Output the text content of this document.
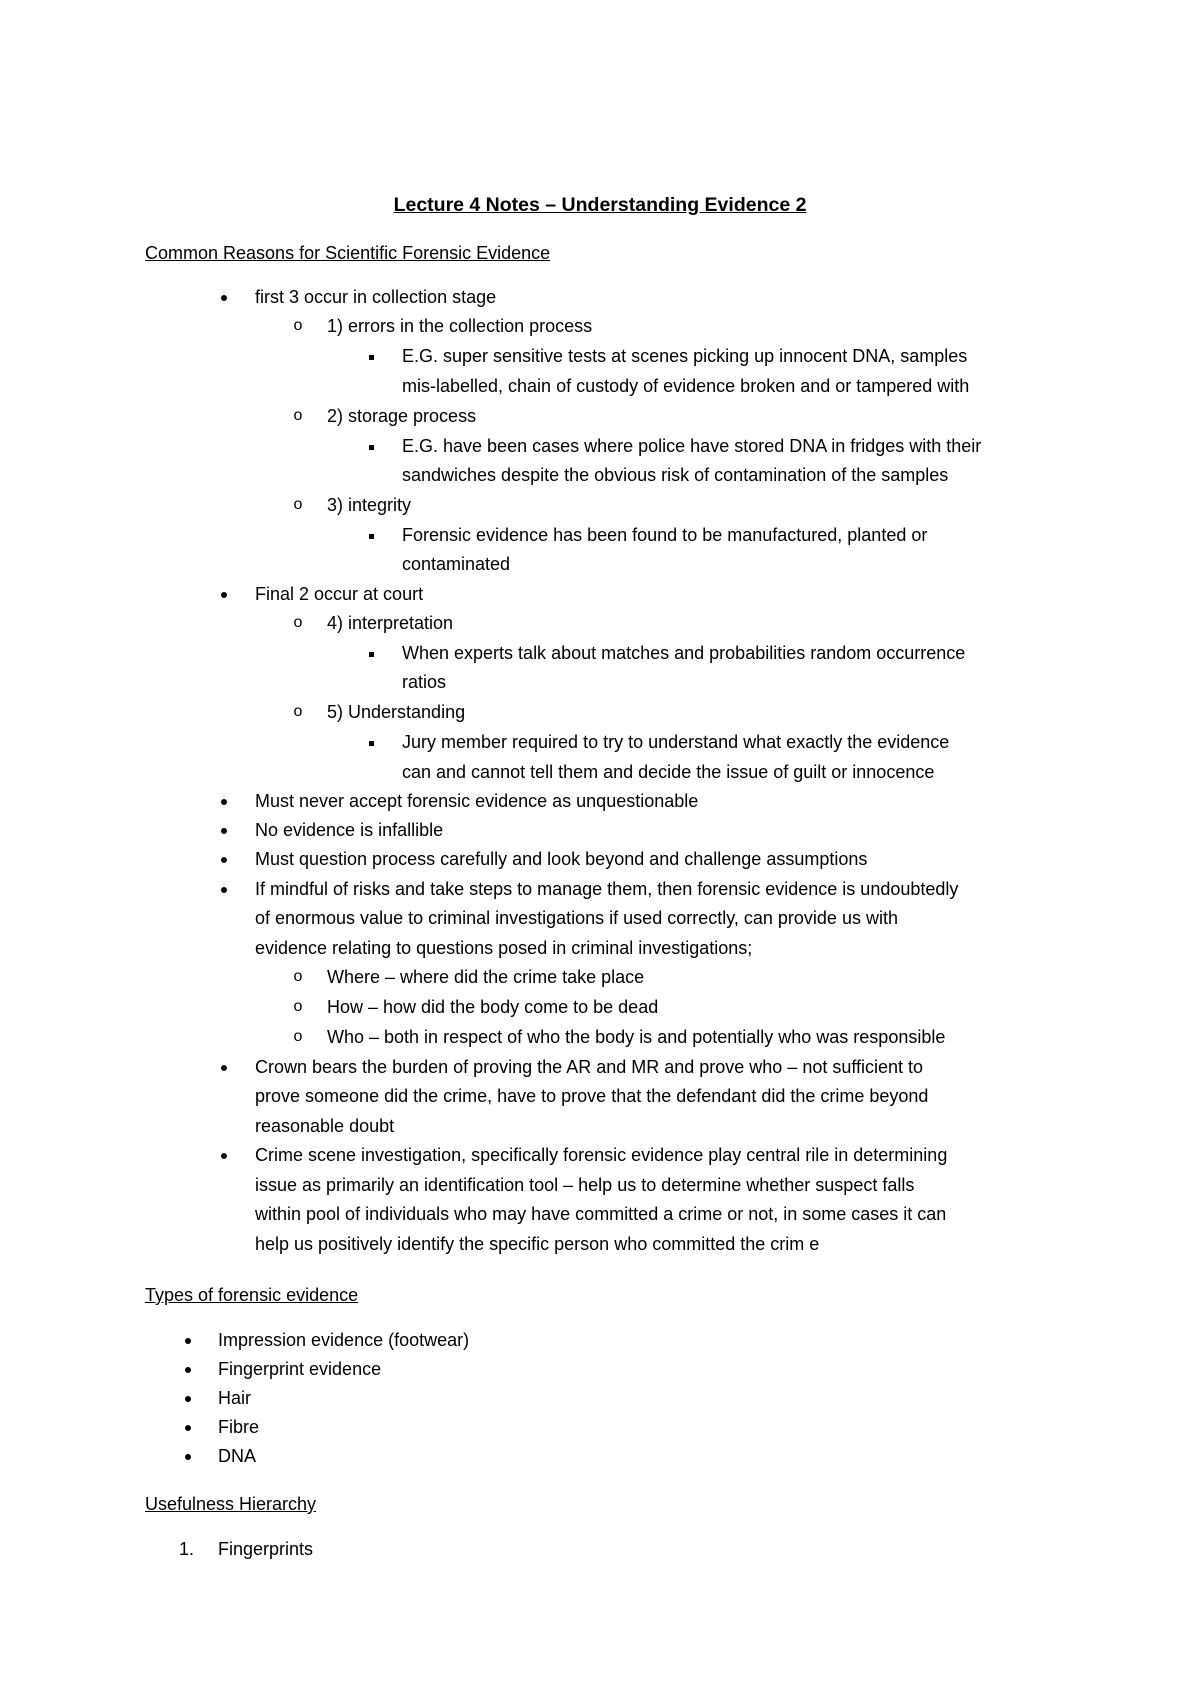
Lecture 4 Notes – Understanding Evidence 2
Common Reasons for Scientific Forensic Evidence
first 3 occur in collection stage
o 1) errors in the collection process
E.G. super sensitive tests at scenes picking up innocent DNA, samples
mis-labelled, chain of custody of evidence broken and or tampered with
o 2) storage process
E.G. have been cases where police have stored DNA in fridges with their
sandwiches despite the obvious risk of contamination of the samples
o 3) integrity
Forensic evidence has been found to be manufactured, planted or
contaminated
Final 2 occur at court
o 4) interpretation
When experts talk about matches and probabilities random occurrence
ratios
o 5) Understanding
Jury member required to try to understand what exactly the evidence
can and cannot tell them and decide the issue of guilt or innocence
Must never accept forensic evidence as unquestionable
No evidence is infallible
Must question process carefully and look beyond and challenge assumptions
If mindful of risks and take steps to manage them, then forensic evidence is undoubtedly
of enormous value to criminal investigations if used correctly, can provide us with
evidence relating to questions posed in criminal investigations;
o Where – where did the crime take place
o How – how did the body come to be dead
o Who – both in respect of who the body is and potentially who was responsible
Crown bears the burden of proving the AR and MR and prove who – not sufficient to
prove someone did the crime, have to prove that the defendant did the crime beyond
reasonable doubt
Crime scene investigation, specifically forensic evidence play central rile in determining
issue as primarily an identification tool – help us to determine whether suspect falls
within pool of individuals who may have committed a crime or not, in some cases it can
help us positively identify the specific person who committed the crim e
Types of forensic evidence
Impression evidence (footwear)
Fingerprint evidence
Hair
Fibre
DNA
Usefulness Hierarchy
1. Fingerprints
